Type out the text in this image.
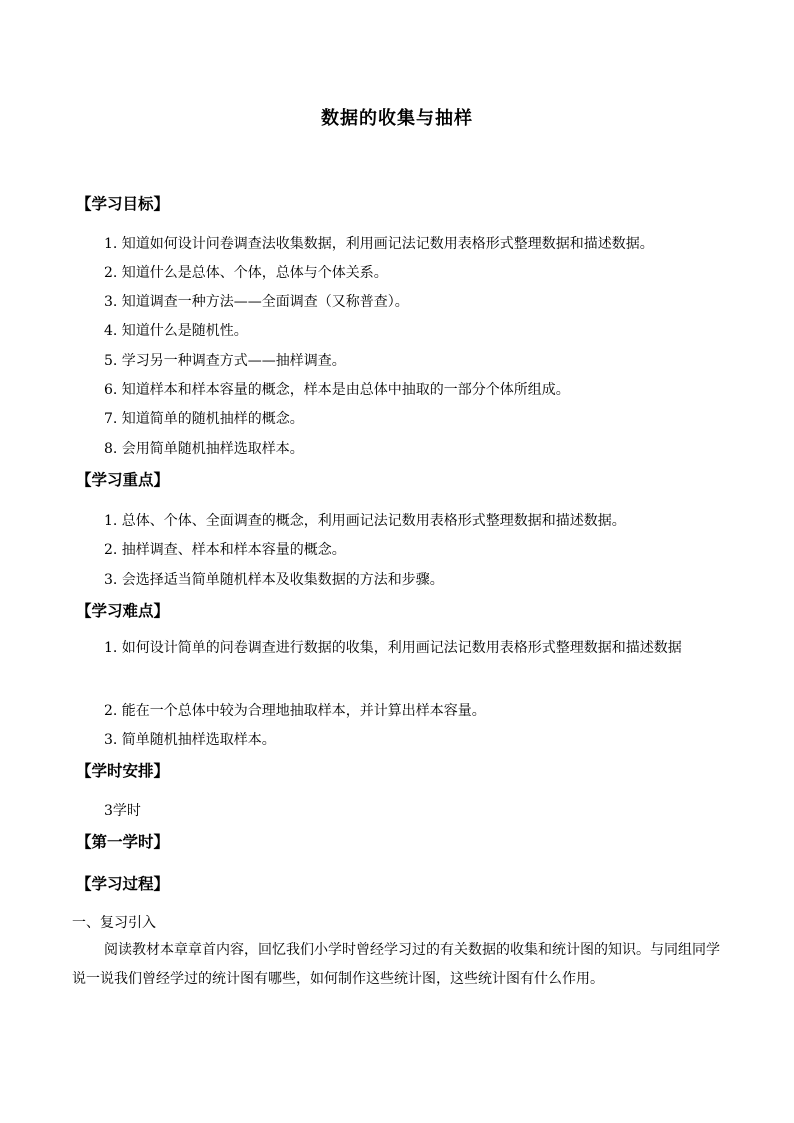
数据的收集与抽样
【学习目标】
1. 知道如何设计问卷调查法收集数据，利用画记法记数用表格形式整理数据和描述数据。
2. 知道什么是总体、个体，总体与个体关系。
3. 知道调查一种方法——全面调查（又称普查）。
4. 知道什么是随机性。
5. 学习另一种调查方式——抽样调查。
6. 知道样本和样本容量的概念，样本是由总体中抽取的一部分个体所组成。
7. 知道简单的随机抽样的概念。
8. 会用简单随机抽样选取样本。
【学习重点】
1. 总体、个体、全面调查的概念，利用画记法记数用表格形式整理数据和描述数据。
2. 抽样调查、样本和样本容量的概念。
3. 会选择适当简单随机样本及收集数据的方法和步骤。
【学习难点】
1. 如何设计简单的问卷调查进行数据的收集，利用画记法记数用表格形式整理数据和描述数据
2. 能在一个总体中较为合理地抽取样本，并计算出样本容量。
3. 简单随机抽样选取样本。
【学时安排】
3学时
【第一学时】
【学习过程】
一、复习引入
阅读教材本章章首内容，回忆我们小学时曾经学习过的有关数据的收集和统计图的知识。与同组同学说一说我们曾经学过的统计图有哪些，如何制作这些统计图，这些统计图有什么作用。
